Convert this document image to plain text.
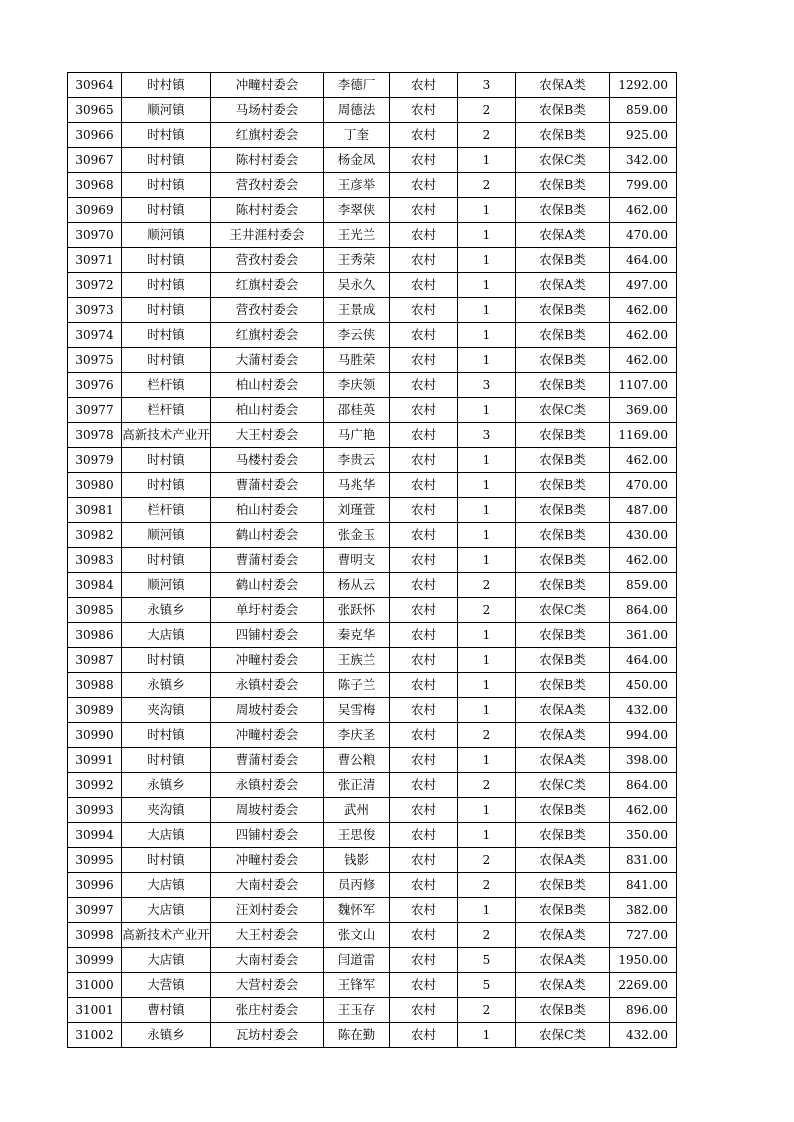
30964	时村镇	冲疃村委会	李德厂	农村	3	农保A类	1292.00
30965	顺河镇	马场村委会	周德法	农村	2	农保B类	859.00
30966	时村镇	红旗村委会	丁奎	农村	2	农保B类	925.00
30967	时村镇	陈村村委会	杨金凤	农村	1	农保C类	342.00
30968	时村镇	营孜村委会	王彦举	农村	2	农保B类	799.00
30969	时村镇	陈村村委会	李翠侠	农村	1	农保B类	462.00
30970	顺河镇	王井涯村委会	王光兰	农村	1	农保A类	470.00
30971	时村镇	营孜村委会	王秀荣	农村	1	农保B类	464.00
30972	时村镇	红旗村委会	吴永久	农村	1	农保A类	497.00
30973	时村镇	营孜村委会	王景成	农村	1	农保B类	462.00
30974	时村镇	红旗村委会	李云侠	农村	1	农保B类	462.00
30975	时村镇	大蒲村委会	马胜荣	农村	1	农保B类	462.00
30976	栏杆镇	柏山村委会	李庆领	农村	3	农保B类	1107.00
30977	栏杆镇	柏山村委会	邵桂英	农村	1	农保C类	369.00
30978	高新技术产业开	大王村委会	马广艳	农村	3	农保B类	1169.00
30979	时村镇	马楼村委会	李贵云	农村	1	农保B类	462.00
30980	时村镇	曹蒲村委会	马兆华	农村	1	农保B类	470.00
30981	栏杆镇	柏山村委会	刘瑾萱	农村	1	农保B类	487.00
30982	顺河镇	鹤山村委会	张金玉	农村	1	农保B类	430.00
30983	时村镇	曹蒲村委会	曹明支	农村	1	农保B类	462.00
30984	顺河镇	鹤山村委会	杨从云	农村	2	农保B类	859.00
30985	永镇乡	单圩村委会	张跃怀	农村	2	农保C类	864.00
30986	大店镇	四铺村委会	秦克华	农村	1	农保B类	361.00
30987	时村镇	冲疃村委会	王族兰	农村	1	农保B类	464.00
30988	永镇乡	永镇村委会	陈子兰	农村	1	农保B类	450.00
30989	夹沟镇	周坡村委会	吴雪梅	农村	1	农保A类	432.00
30990	时村镇	冲疃村委会	李庆圣	农村	2	农保A类	994.00
30991	时村镇	曹蒲村委会	曹公粮	农村	1	农保A类	398.00
30992	永镇乡	永镇村委会	张正清	农村	2	农保C类	864.00
30993	夹沟镇	周坡村委会	武州	农村	1	农保B类	462.00
30994	大店镇	四铺村委会	王思俊	农村	1	农保B类	350.00
30995	时村镇	冲疃村委会	钱影	农村	2	农保A类	831.00
30996	大店镇	大南村委会	员丙修	农村	2	农保B类	841.00
30997	大店镇	汪刘村委会	魏怀军	农村	1	农保B类	382.00
30998	高新技术产业开	大王村委会	张文山	农村	2	农保A类	727.00
30999	大店镇	大南村委会	闫道雷	农村	5	农保A类	1950.00
31000	大营镇	大营村委会	王锋军	农村	5	农保A类	2269.00
31001	曹村镇	张庄村委会	王玉存	农村	2	农保B类	896.00
31002	永镇乡	瓦坊村委会	陈在勤	农村	1	农保C类	432.00
